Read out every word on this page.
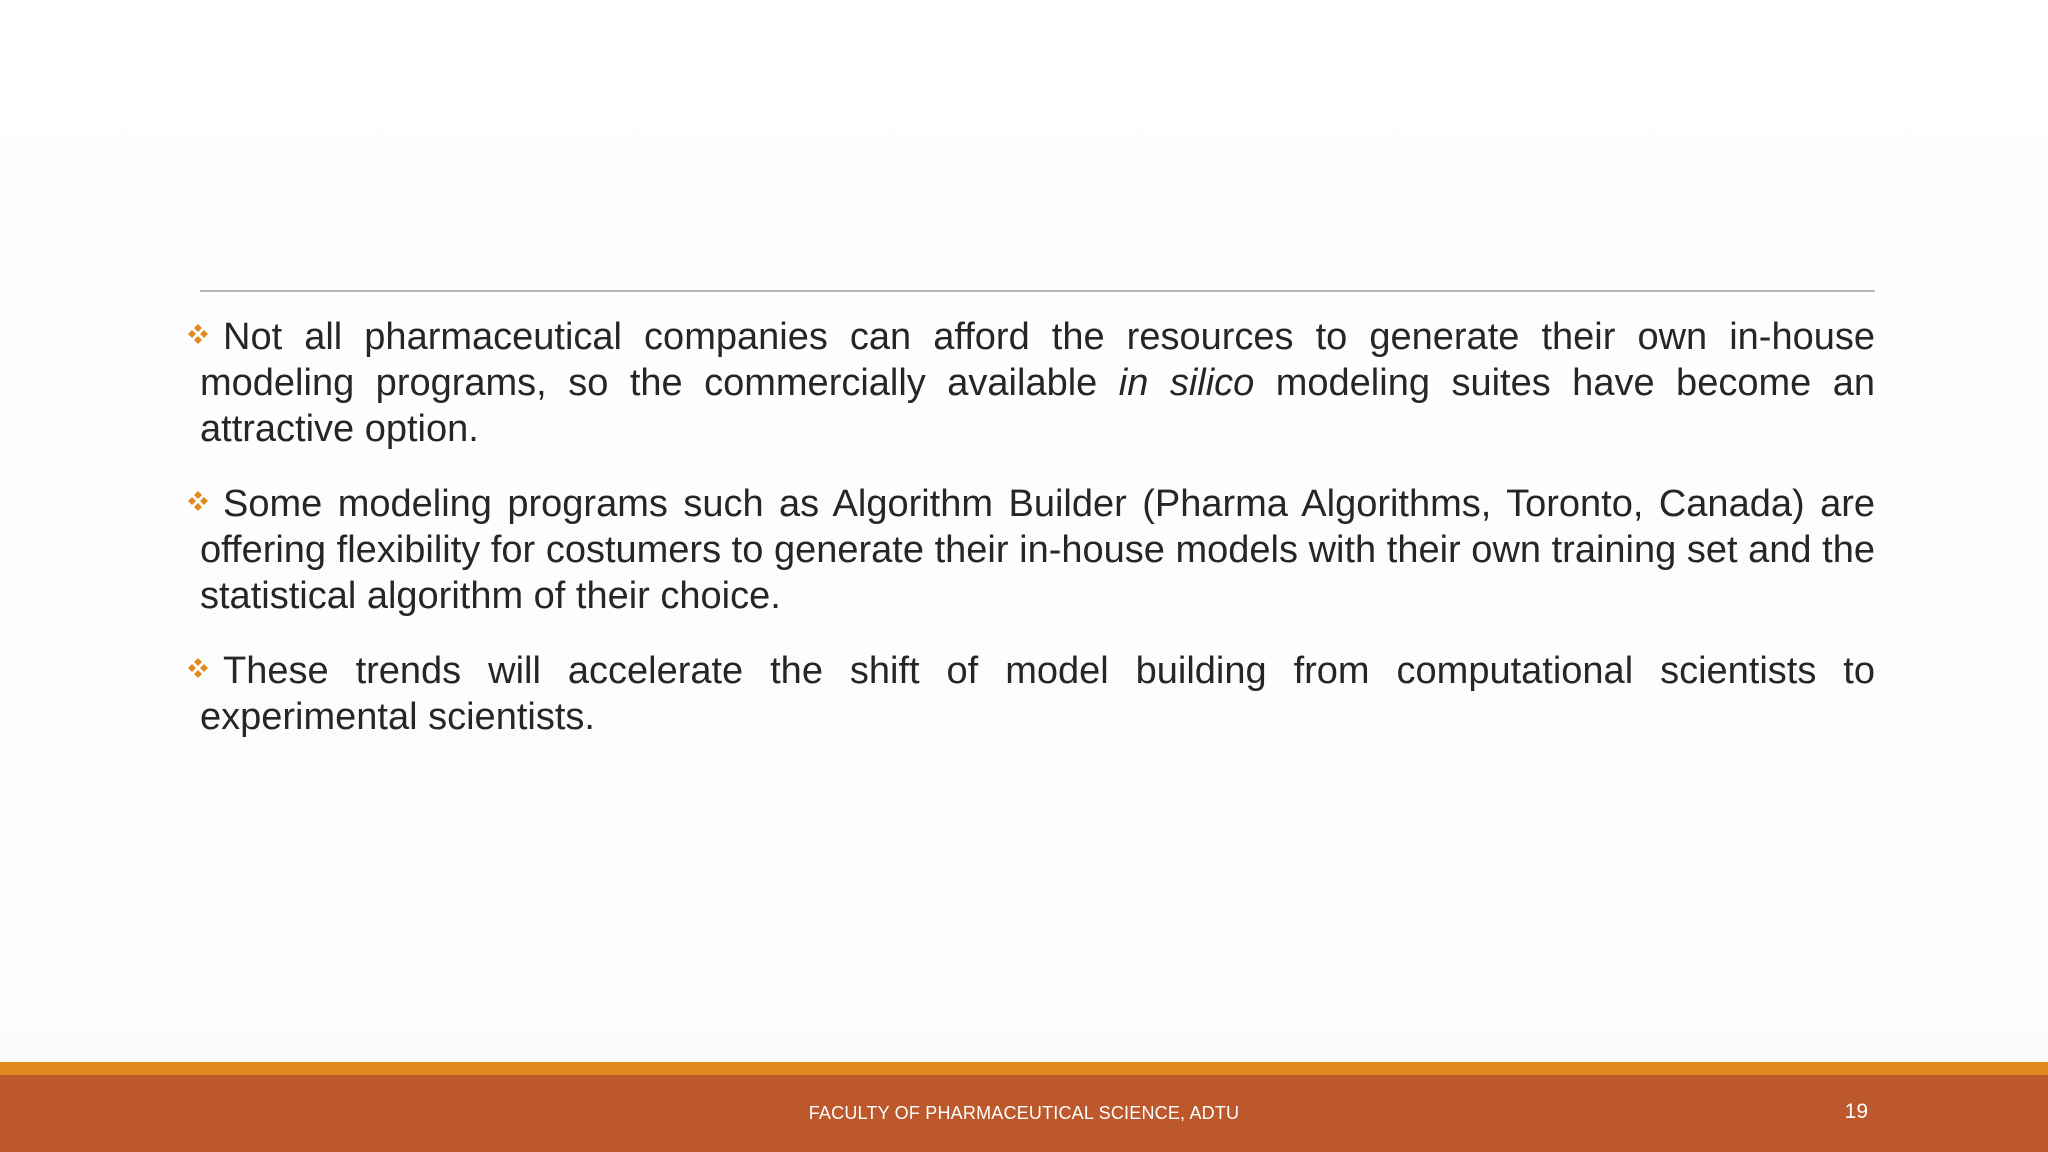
Not all pharmaceutical companies can afford the resources to generate their own in-house modeling programs, so the commercially available in silico modeling suites have become an attractive option.
Some modeling programs such as Algorithm Builder (Pharma Algorithms, Toronto, Canada) are offering flexibility for costumers to generate their in-house models with their own training set and the statistical algorithm of their choice.
These trends will accelerate the shift of model building from computational scientists to experimental scientists.
FACULTY OF PHARMACEUTICAL SCIENCE, ADTU	19
